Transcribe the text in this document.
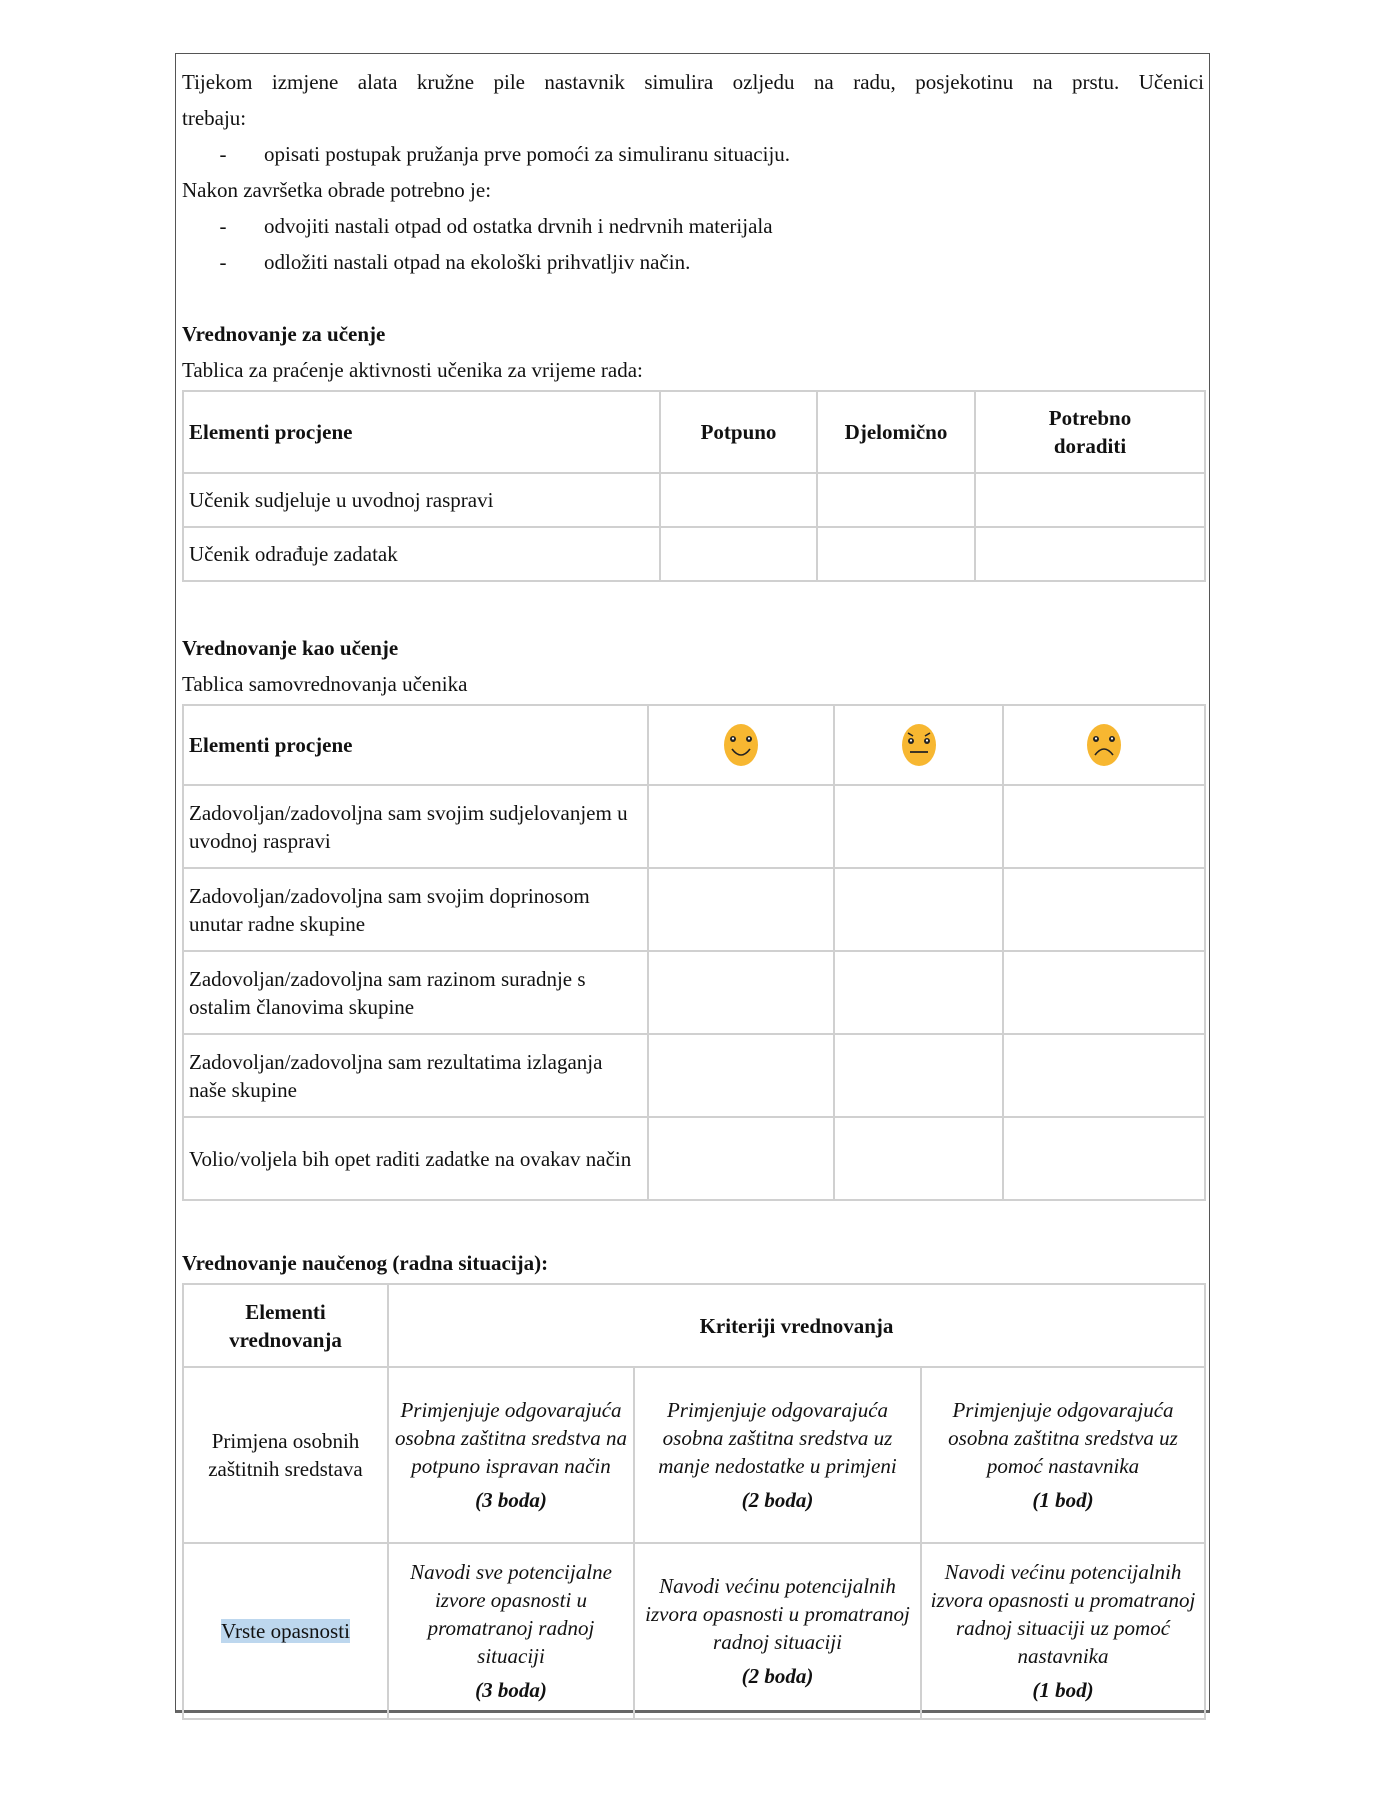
Tijekom izmjene alata kružne pile nastavnik simulira ozljedu na radu, posjekotinu na prstu. Učenici

trebaju:

-	opisati postupak pružanja prve pomoći za simuliranu situaciju.

Nakon završetka obrade potrebno je:

-	odvojiti nastali otpad od ostatka drvnih i nedrvnih materijala
-	odložiti nastali otpad na ekološki prihvatljiv način.

Vrednovanje za učenje

Tablica za praćenje aktivnosti učenika za vrijeme rada:

Elementi procjene	Potpuno	Djelomično	Potrebno doraditi
Učenik sudjeluje u uvodnoj raspravi			
Učenik odrađuje zadatak			

Vrednovanje kao učenje

Tablica samovrednovanja učenika

Elementi procjene			
Zadovoljan/zadovoljna sam svojim sudjelovanjem u uvodnoj raspravi			
Zadovoljan/zadovoljna sam svojim doprinosom unutar radne skupine			
Zadovoljan/zadovoljna sam razinom suradnje s ostalim članovima skupine			
Zadovoljan/zadovoljna sam rezultatima izlaganja naše skupine			
Volio/voljela bih opet raditi zadatke na ovakav način			

Vrednovanje naučenog (radna situacija):

Elementi vrednovanja	Kriteriji vrednovanja		
Primjena osobnih zaštitnih sredstava	Primjenjuje odgovarajuća osobna zaštitna sredstva na potpuno ispravan način
(3 boda)	Primjenjuje odgovarajuća osobna zaštitna sredstva uz manje nedostatke u primjeni
(2 boda)	Primjenjuje odgovarajuća osobna zaštitna sredstva uz pomoć nastavnika
(1 bod)

Vrste opasnosti	Navodi sve potencijalne izvore opasnosti u promatranoj radnoj situaciji
(3 boda)	Navodi većinu potencijalnih izvora opasnosti u promatranoj radnoj situaciji
(2 boda)	Navodi većinu potencijalnih izvora opasnosti u promatranoj radnoj situaciji uz pomoć nastavnika
(1 bod)
